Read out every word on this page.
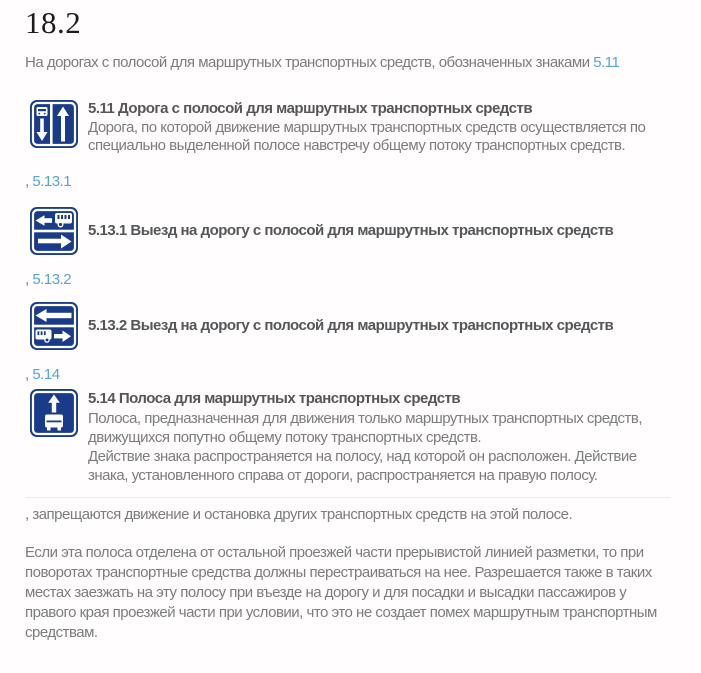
18.2

На дорогах с полосой для маршрутных транспортных средств, обозначенных знаками 5.11

5.11 Дорога с полосой для маршрутных транспортных средств
Дорога, по которой движение маршрутных транспортных средств осуществляется по специально выделенной полосе навстречу общему потоку транспортных средств.

, 5.13.1

5.13.1 Выезд на дорогу с полосой для маршрутных транспортных средств

, 5.13.2

5.13.2 Выезд на дорогу с полосой для маршрутных транспортных средств

, 5.14

5.14 Полоса для маршрутных транспортных средств
Полоса, предназначенная для движения только маршрутных транспортных средств, движущихся попутно общему потоку транспортных средств.
Действие знака распространяется на полосу, над которой он расположен. Действие знака, установленного справа от дороги, распространяется на правую полосу.

, запрещаются движение и остановка других транспортных средств на этой полосе.

Если эта полоса отделена от остальной проезжей части прерывистой линией разметки, то при поворотах транспортные средства должны перестраиваться на нее. Разрешается также в таких местах заезжать на эту полосу при въезде на дорогу и для посадки и высадки пассажиров у правого края проезжей части при условии, что это не создает помех маршрутным транспортным средствам.
